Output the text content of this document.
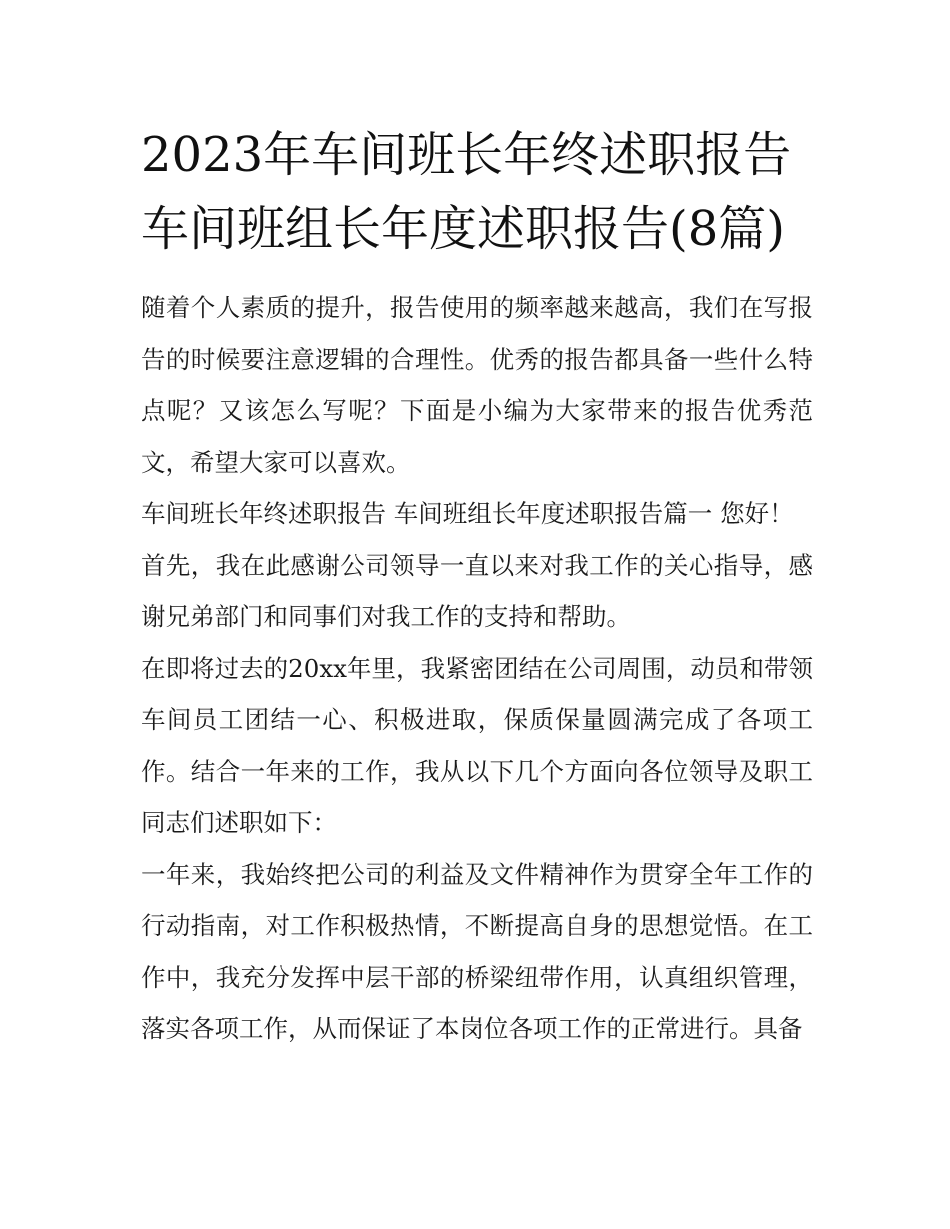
2023年车间班长年终述职报告 车间班组长年度述职报告(8篇)

随着个人素质的提升，报告使用的频率越来越高，我们在写报告的时候要注意逻辑的合理性。优秀的报告都具备一些什么特点呢？又该怎么写呢？下面是小编为大家带来的报告优秀范文，希望大家可以喜欢。

车间班长年终述职报告 车间班组长年度述职报告篇一 您好！

首先，我在此感谢公司领导一直以来对我工作的关心指导，感谢兄弟部门和同事们对我工作的支持和帮助。

在即将过去的20xx年里，我紧密团结在公司周围，动员和带领车间员工团结一心、积极进取，保质保量圆满完成了各项工作。结合一年来的工作，我从以下几个方面向各位领导及职工同志们述职如下：

一年来，我始终把公司的利益及文件精神作为贯穿全年工作的行动指南，对工作积极热情，不断提高自身的思想觉悟。在工作中，我充分发挥中层干部的桥梁纽带作用，认真组织管理，落实各项工作，从而保证了本岗位各项工作的正常进行。具备
